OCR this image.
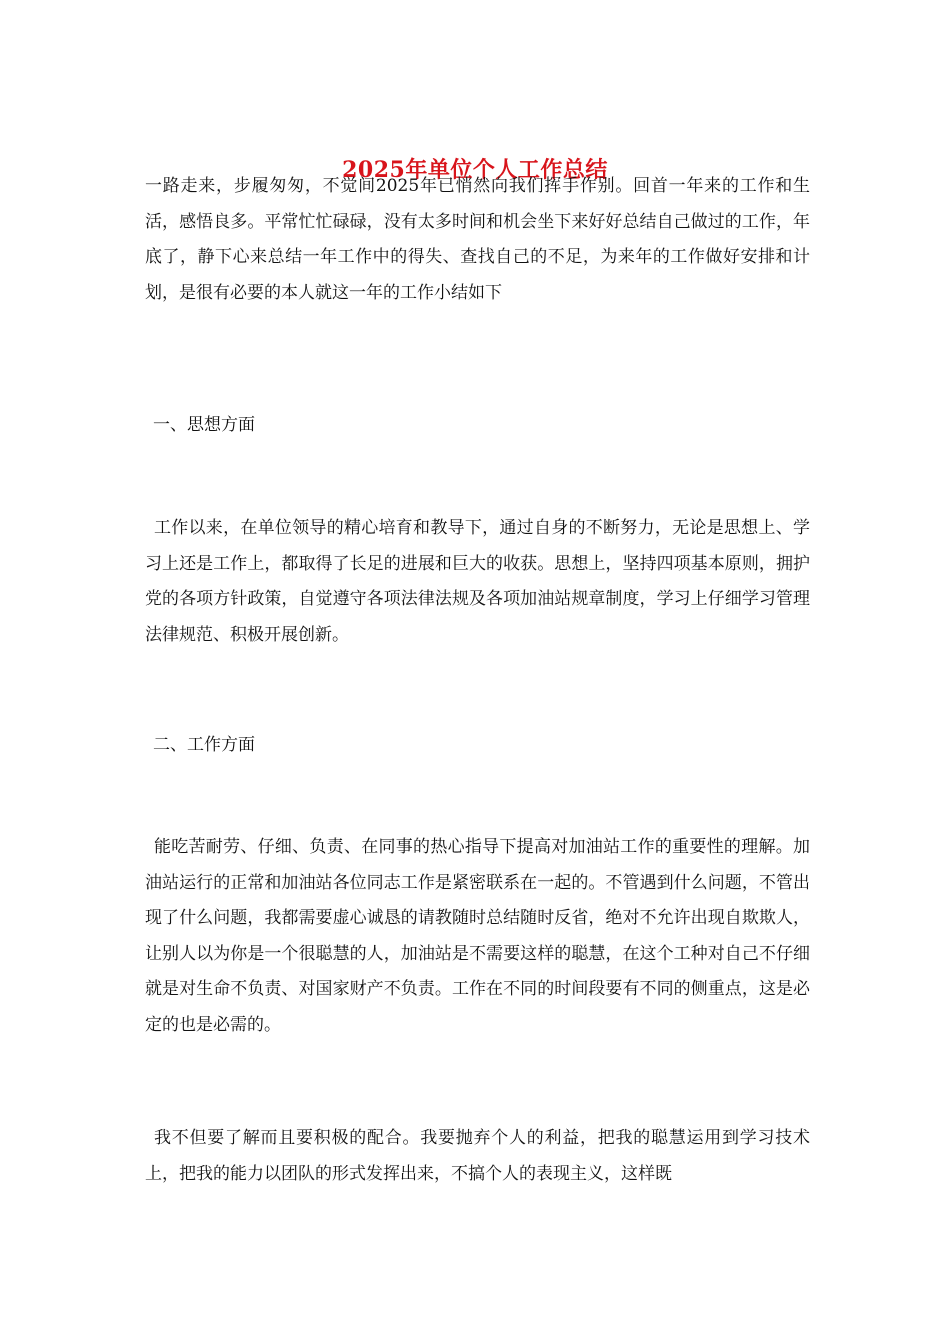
2025年单位个人工作总结

一路走来，步履匆匆，不觉间2025年已悄然向我们挥手作别。回首一年来的工作和生活，感悟良多。平常忙忙碌碌，没有太多时间和机会坐下来好好总结自己做过的工作，年底了，静下心来总结一年工作中的得失、查找自己的不足，为来年的工作做好安排和计划，是很有必要的本人就这一年的工作小结如下

一、思想方面

工作以来，在单位领导的精心培育和教导下，通过自身的不断努力，无论是思想上、学习上还是工作上，都取得了长足的进展和巨大的收获。思想上，坚持四项基本原则，拥护党的各项方针政策，自觉遵守各项法律法规及各项加油站规章制度，学习上仔细学习管理法律规范、积极开展创新。

二、工作方面

能吃苦耐劳、仔细、负责、在同事的热心指导下提高对加油站工作的重要性的理解。加油站运行的正常和加油站各位同志工作是紧密联系在一起的。不管遇到什么问题，不管出现了什么问题，我都需要虚心诚恳的请教随时总结随时反省，绝对不允许出现自欺欺人，让别人以为你是一个很聪慧的人，加油站是不需要这样的聪慧，在这个工种对自己不仔细就是对生命不负责、对国家财产不负责。工作在不同的时间段要有不同的侧重点，这是必定的也是必需的。

我不但要了解而且要积极的配合。我要抛弃个人的利益，把我的聪慧运用到学习技术上，把我的能力以团队的形式发挥出来，不搞个人的表现主义，这样既
